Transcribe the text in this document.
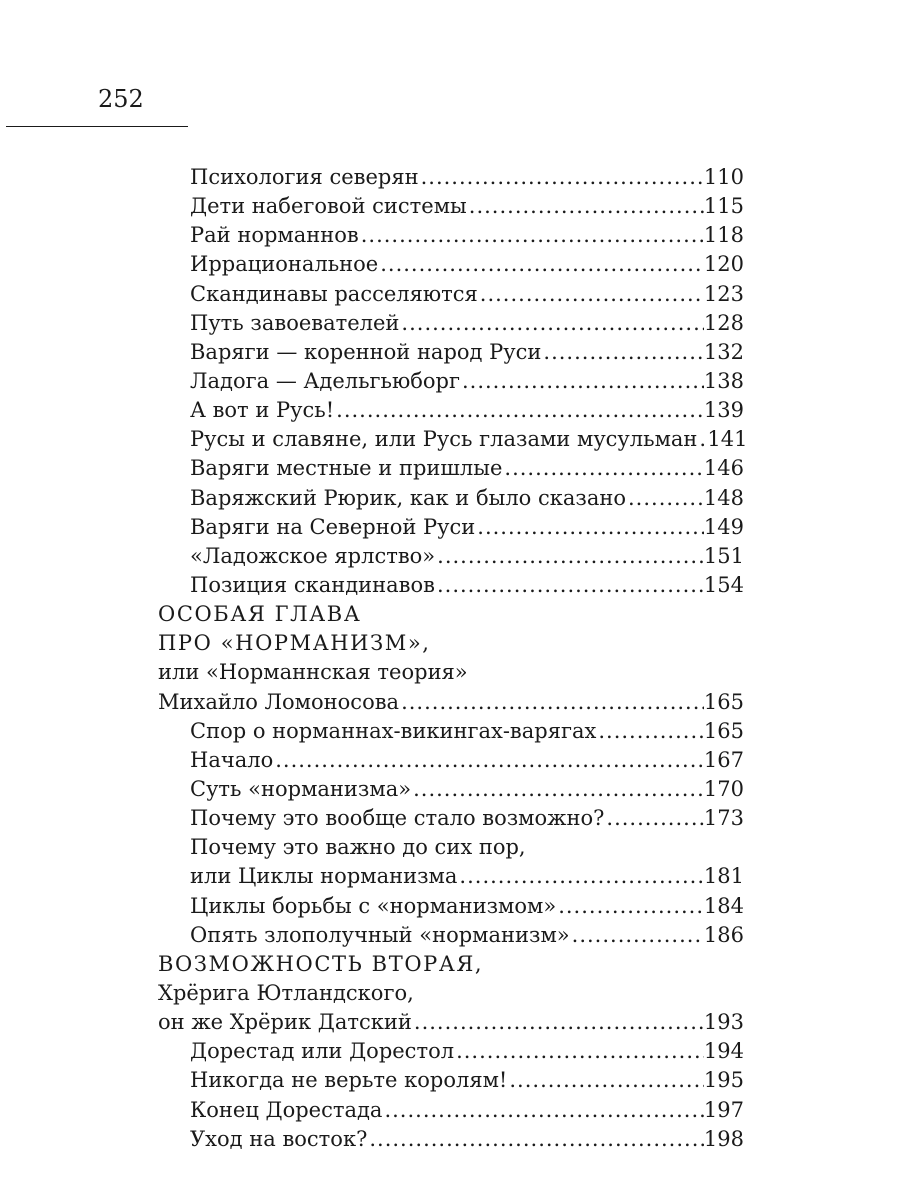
252
Психология северян .....	110
Дети набеговой системы .....	115
Рай норманнов .....	118
Иррациональное .....	120
Скандинавы расселяются .....	123
Путь завоевателей .....	128
Варяги — коренной народ Руси .....	132
Ладога — Адельгьюборг .....	138
А вот и Русь! .....	139
Русы и славяне, или Русь глазами мусульман ..... 141
Варяги местные и пришлые .....	146
Варяжский Рюрик, как и было сказано .....	148
Варяги на Северной Руси .....	149
«Ладожское ярлство» .....	151
Позиция скандинавов .....	154
ОСОБАЯ ГЛАВА
ПРО «НОРМАНИЗМ»,
или «Норманнская теория»
Михайло Ломоносова .....	165
Спор о норманнах-викингах-варягах .....	165
Начало .....	167
Суть «норманизма» .....	170
Почему это вообще стало возможно? .....	173
Почему это важно до сих пор,
или Циклы норманизма .....	181
Циклы борьбы с «норманизмом» .....	184
Опять злополучный «норманизм» .....	186
ВОЗМОЖНОСТЬ ВТОРАЯ,
Хрёрига Ютландского,
он же Хрёрик Датский .....	193
Дорестад или Дорестол .....	194
Никогда не верьте королям! .....	195
Конец Дорестада .....	197
Уход на восток? .....	198
